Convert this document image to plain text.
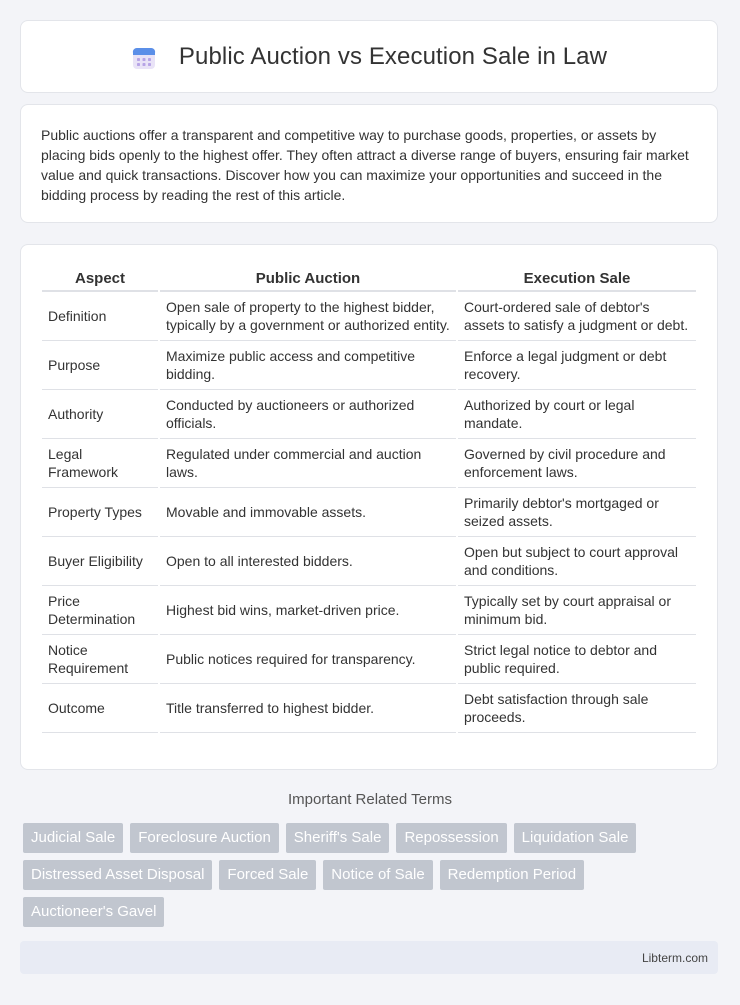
Public Auction vs Execution Sale in Law

Public auctions offer a transparent and competitive way to purchase goods, properties, or assets by placing bids openly to the highest offer. They often attract a diverse range of buyers, ensuring fair market value and quick transactions. Discover how you can maximize your opportunities and succeed in the bidding process by reading the rest of this article.

Aspect	Public Auction	Execution Sale
Definition	Open sale of property to the highest bidder, typically by a government or authorized entity.	Court-ordered sale of debtor's assets to satisfy a judgment or debt.
Purpose	Maximize public access and competitive bidding.	Enforce a legal judgment or debt recovery.
Authority	Conducted by auctioneers or authorized officials.	Authorized by court or legal mandate.
Legal Framework	Regulated under commercial and auction laws.	Governed by civil procedure and enforcement laws.
Property Types	Movable and immovable assets.	Primarily debtor's mortgaged or seized assets.
Buyer Eligibility	Open to all interested bidders.	Open but subject to court approval and conditions.
Price Determination	Highest bid wins, market-driven price.	Typically set by court appraisal or minimum bid.
Notice Requirement	Public notices required for transparency.	Strict legal notice to debtor and public required.
Outcome	Title transferred to highest bidder.	Debt satisfaction through sale proceeds.
Important Related Terms
Judicial Sale	Foreclosure Auction	Sheriff's Sale	Repossession	Liquidation Sale
Distressed Asset Disposal	Forced Sale	Notice of Sale	Redemption Period
Auctioneer's Gavel
Libterm.com
